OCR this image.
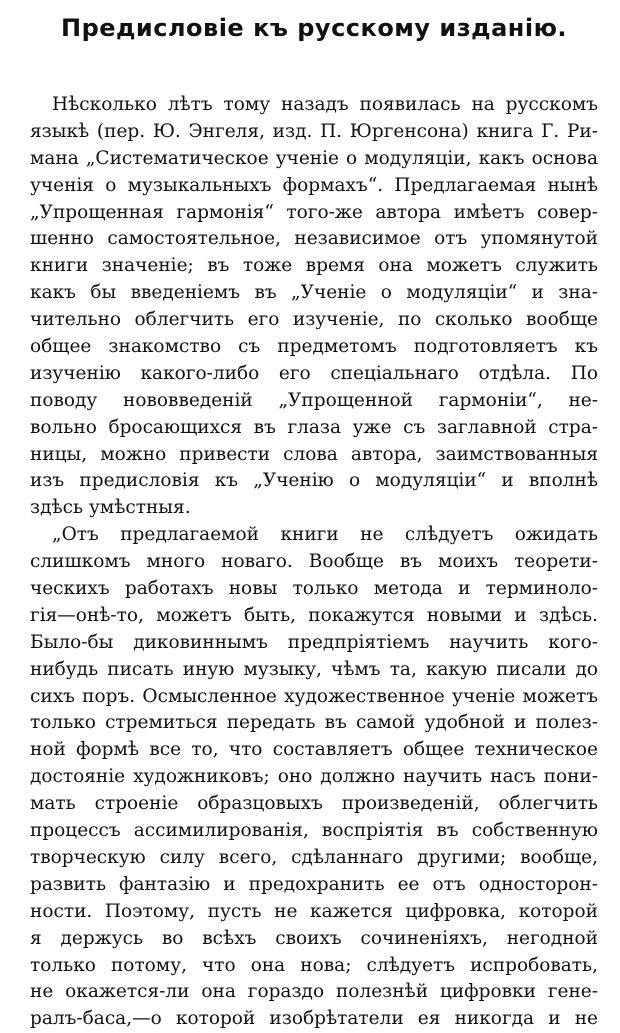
Предисловіе къ русскому изданію.
Нѣсколько лѣтъ тому назадъ появилась на русскомъ
языкѣ (пер. Ю. Энгеля, изд. П. Юргенсона) книга Г. Ри-
мана „Систематическое ученіе о модуляціи, какъ основа
ученія о музыкальныхъ формахъ“. Предлагаемая нынѣ
„Упрощенная гармонія“ того-же автора имѣетъ совер-
шенно самостоятельное, независимое отъ упомянутой
книги значеніе; въ тоже время она можетъ служить
какъ бы введеніемъ въ „Ученіе о модуляціи“ и зна-
чительно облегчить его изученіе, по сколько вообще
общее знакомство съ предметомъ подготовляетъ къ
изученію какого-либо его спеціальнаго отдѣла. По
поводу нововведеній „Упрощенной гармоніи“, не-
вольно бросающихся въ глаза уже съ заглавной стра-
ницы, можно привести слова автора, заимствованныя
изъ предисловія къ „Ученію о модуляціи“ и вполнѣ
здѣсь умѣстныя.
„Отъ предлагаемой книги не слѣдуетъ ожидать
слишкомъ много новаго. Вообще въ моихъ теорети-
ческихъ работахъ новы только метода и терминоло-
гія—онѣ-то, можетъ быть, покажутся новыми и здѣсь.
Было-бы диковиннымъ предпріятіемъ научить кого-
нибудь писать иную музыку, чѣмъ та, какую писали до
сихъ поръ. Осмысленное художественное ученіе можетъ
только стремиться передать въ самой удобной и полез-
ной формѣ все то, что составляетъ общее техническое
достояніе художниковъ; оно должно научить насъ пони-
мать строеніе образцовыхъ произведеній, облегчить
процессъ ассимилированія, воспріятія въ собственную
творческую силу всего, сдѣланнаго другими; вообще,
развить фантазію и предохранить ее отъ односторон-
ности. Поэтому, пусть не кажется цифровка, которой
я держусь во всѣхъ своихъ сочиненіяхъ, негодной
только потому, что она нова; слѣдуетъ испробовать,
не окажется-ли она гораздо полезнѣй цифровки гене-
ралъ-баса,—о которой изобрѣтатели ея никогда и не
